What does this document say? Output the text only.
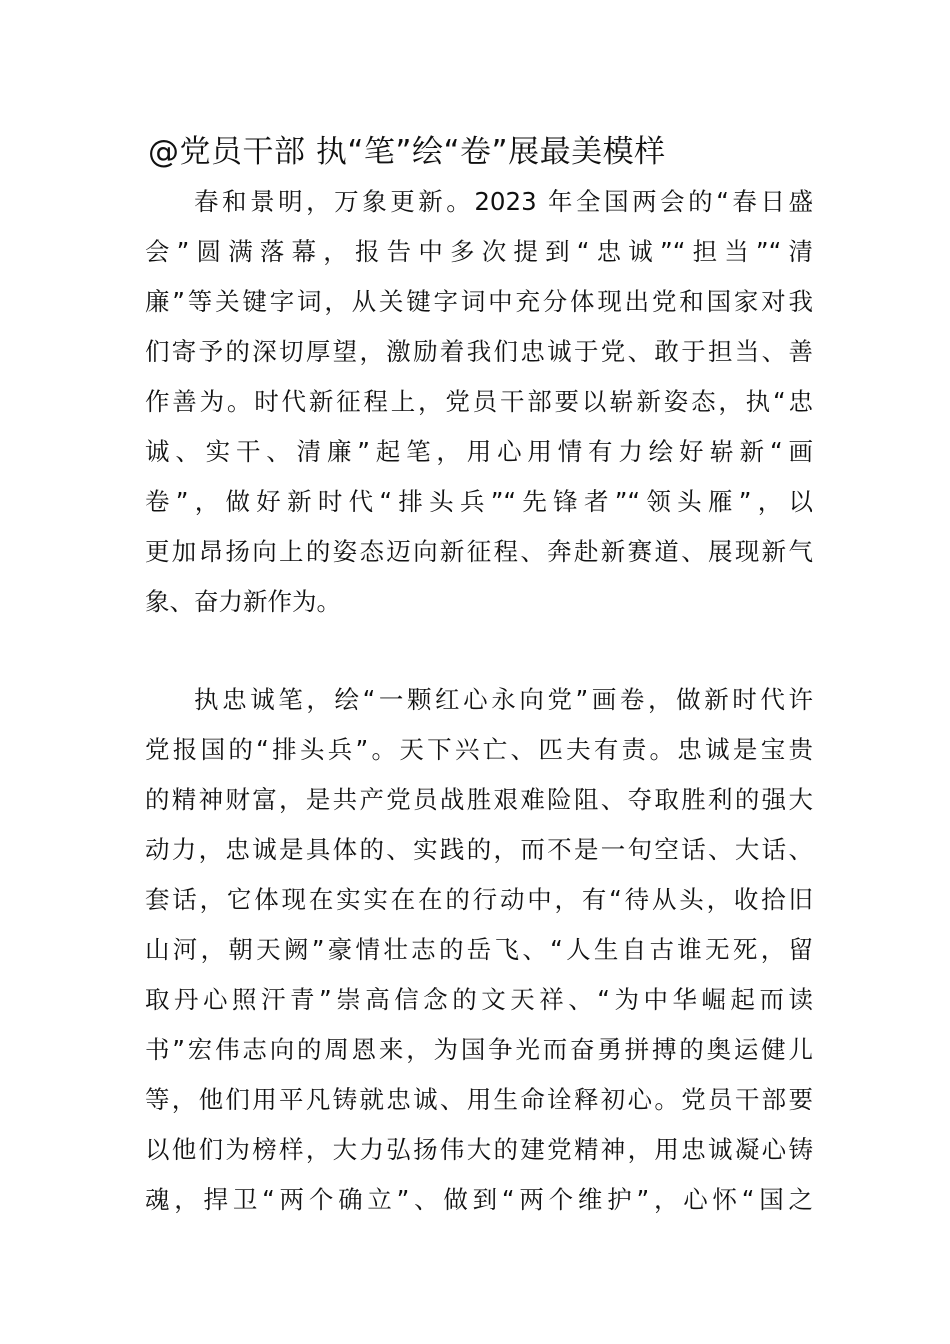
@党员干部 执“笔”绘“卷”展最美模样
春和景明，万象更新。2023 年全国两会的“春日盛
会”圆满落幕，报告中多次提到“忠诚”“担当”“清
廉”等关键字词，从关键字词中充分体现出党和国家对我
们寄予的深切厚望，激励着我们忠诚于党、敢于担当、善
作善为。时代新征程上，党员干部要以崭新姿态，执“忠
诚、实干、清廉”起笔，用心用情有力绘好崭新“画
卷”，做好新时代“排头兵”“先锋者”“领头雁”，以
更加昂扬向上的姿态迈向新征程、奔赴新赛道、展现新气
象、奋力新作为。
执忠诚笔，绘“一颗红心永向党”画卷，做新时代许
党报国的“排头兵”。天下兴亡、匹夫有责。忠诚是宝贵
的精神财富，是共产党员战胜艰难险阻、夺取胜利的强大
动力，忠诚是具体的、实践的，而不是一句空话、大话、
套话，它体现在实实在在的行动中，有“待从头，收拾旧
山河，朝天阙”豪情壮志的岳飞、“人生自古谁无死，留
取丹心照汗青”崇高信念的文天祥、“为中华崛起而读
书”宏伟志向的周恩来，为国争光而奋勇拼搏的奥运健儿
等，他们用平凡铸就忠诚、用生命诠释初心。党员干部要
以他们为榜样，大力弘扬伟大的建党精神，用忠诚凝心铸
魂，捍卫“两个确立”、做到“两个维护”，心怀“国之
